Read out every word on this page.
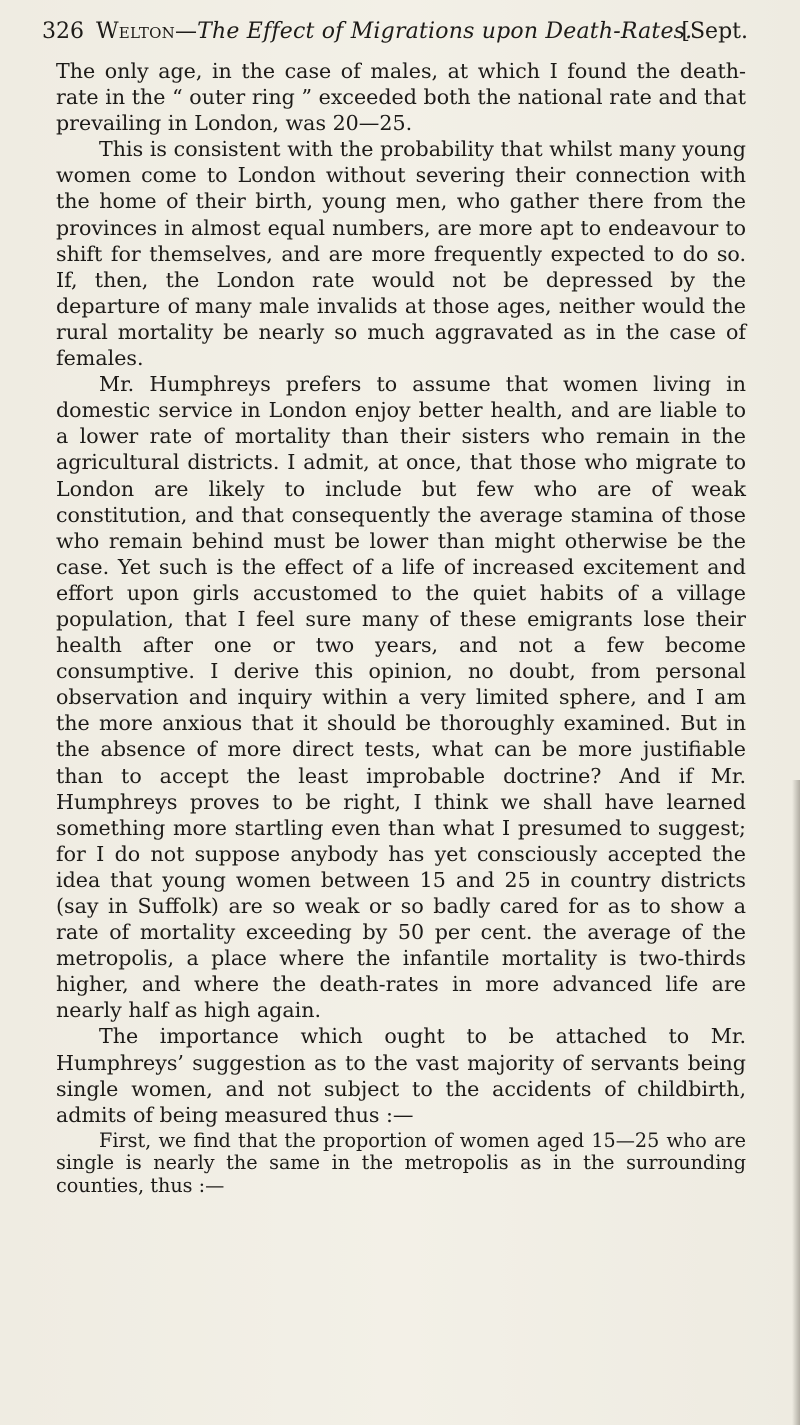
326 Welton—The Effect of Migrations upon Death-Rates.
[Sept.

The only age, in the case of males, at which I found the death-rate in the “ outer ring ” exceeded both the national rate and that prevailing in London, was 20—25.

This is consistent with the probability that whilst many young women come to London without severing their connection with the home of their birth, young men, who gather there from the provinces in almost equal numbers, are more apt to endeavour to shift for themselves, and are more frequently expected to do so. If, then, the London rate would not be depressed by the departure of many male invalids at those ages, neither would the rural mortality be nearly so much aggravated as in the case of females.

Mr. Humphreys prefers to assume that women living in domestic service in London enjoy better health, and are liable to a lower rate of mortality than their sisters who remain in the agricultural districts. I admit, at once, that those who migrate to London are likely to include but few who are of weak constitution, and that consequently the average stamina of those who remain behind must be lower than might otherwise be the case. Yet such is the effect of a life of increased excitement and effort upon girls accustomed to the quiet habits of a village population, that I feel sure many of these emigrants lose their health after one or two years, and not a few become consumptive. I derive this opinion, no doubt, from personal observation and inquiry within a very limited sphere, and I am the more anxious that it should be thoroughly examined. But in the absence of more direct tests, what can be more justifiable than to accept the least improbable doctrine? And if Mr. Humphreys proves to be right, I think we shall have learned something more startling even than what I presumed to suggest; for I do not suppose anybody has yet consciously accepted the idea that young women between 15 and 25 in country districts (say in Suffolk) are so weak or so badly cared for as to show a rate of mortality exceeding by 50 per cent. the average of the metropolis, a place where the infantile mortality is two-thirds higher, and where the death-rates in more advanced life are nearly half as high again.

The importance which ought to be attached to Mr. Humphreys’ suggestion as to the vast majority of servants being single women, and not subject to the accidents of childbirth, admits of being measured thus :—

First, we find that the proportion of women aged 15—25 who are single is nearly the same in the metropolis as in the surrounding counties, thus :—
